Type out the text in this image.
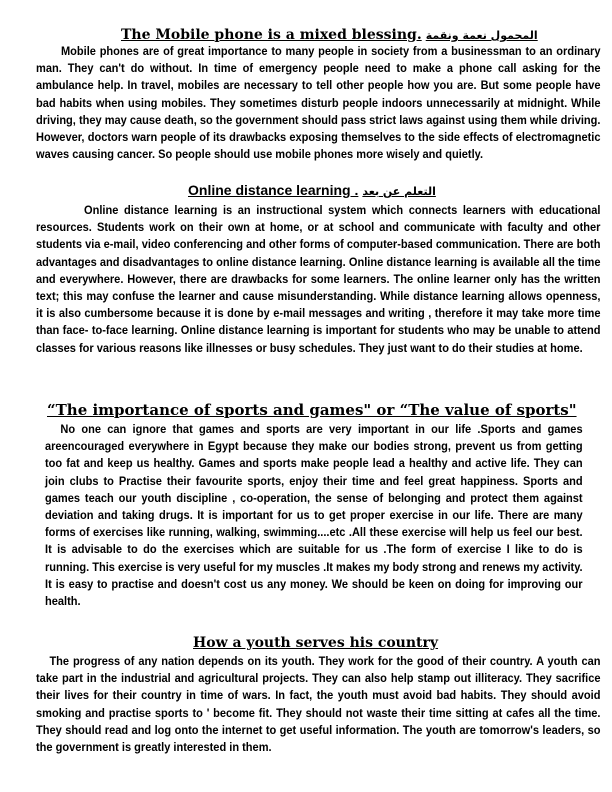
The Mobile phone is a mixed blessing. المحمول نعمة ونقمة

Mobile phones are of great importance to many people in society from a businessman to an ordinary man. They can't do without. In time of emergency people need to make a phone call asking for the ambulance help. In travel, mobiles are necessary to tell other people how you are. But some people have bad habits when using mobiles. They sometimes disturb people indoors unnecessarily at midnight. While driving, they may cause death, so the government should pass strict laws against using them while driving. However, doctors warn people of its drawbacks exposing themselves to the side effects of electromagnetic waves causing cancer. So people should use mobile phones more wisely and quietly.

Online distance learning . التعلم عن بعد

Online distance learning is an instructional system which connects learners with educational resources. Students work on their own at home, or at school and communicate with faculty and other students via e-mail, video conferencing and other forms of computer-based communication. There are both advantages and disadvantages to online distance learning. Online distance learning is available all the time and everywhere. However, there are drawbacks for some learners. The online learner only has the written text; this may confuse the learner and cause misunderstanding. While distance learning allows openness, it is also cumbersome because it is done by e-mail messages and writing , therefore it may take more time than face- to-face learning. Online distance learning is important for students who may be unable to attend classes for various reasons like illnesses or busy schedules. They just want to do their studies at home.

“The importance of sports and games" or “The value of sports"

No one can ignore that games and sports are very important in our life .Sports and games areencouraged everywhere in Egypt because they make our bodies strong, prevent us from getting too fat and keep us healthy. Games and sports make people lead a healthy and active life. They can join clubs to Practise their favourite sports, enjoy their time and feel great happiness. Sports and games teach our youth discipline , co-operation, the sense of belonging and protect them against deviation and taking drugs. It is important for us to get proper exercise in our life. There are many forms of exercises like running, walking, swimming....etc .All these exercise will help us feel our best. It is advisable to do the exercises which are suitable for us .The form of exercise I like to do is running. This exercise is very useful for my muscles .It makes my body strong and renews my activity. It is easy to practise and doesn't cost us any money. We should be keen on doing for improving our health.

How a youth serves his country

The progress of any nation depends on its youth. They work for the good of their country. A youth can take part in the industrial and agricultural projects. They can also help stamp out illiteracy. They sacrifice their lives for their country in time of wars. In fact, the youth must avoid bad habits. They should avoid smoking and practise sports to ' become fit. They should not waste their time sitting at cafes all the time. They should read and log onto the internet to get useful information. The youth are tomorrow's leaders, so the government is greatly interested in them.
